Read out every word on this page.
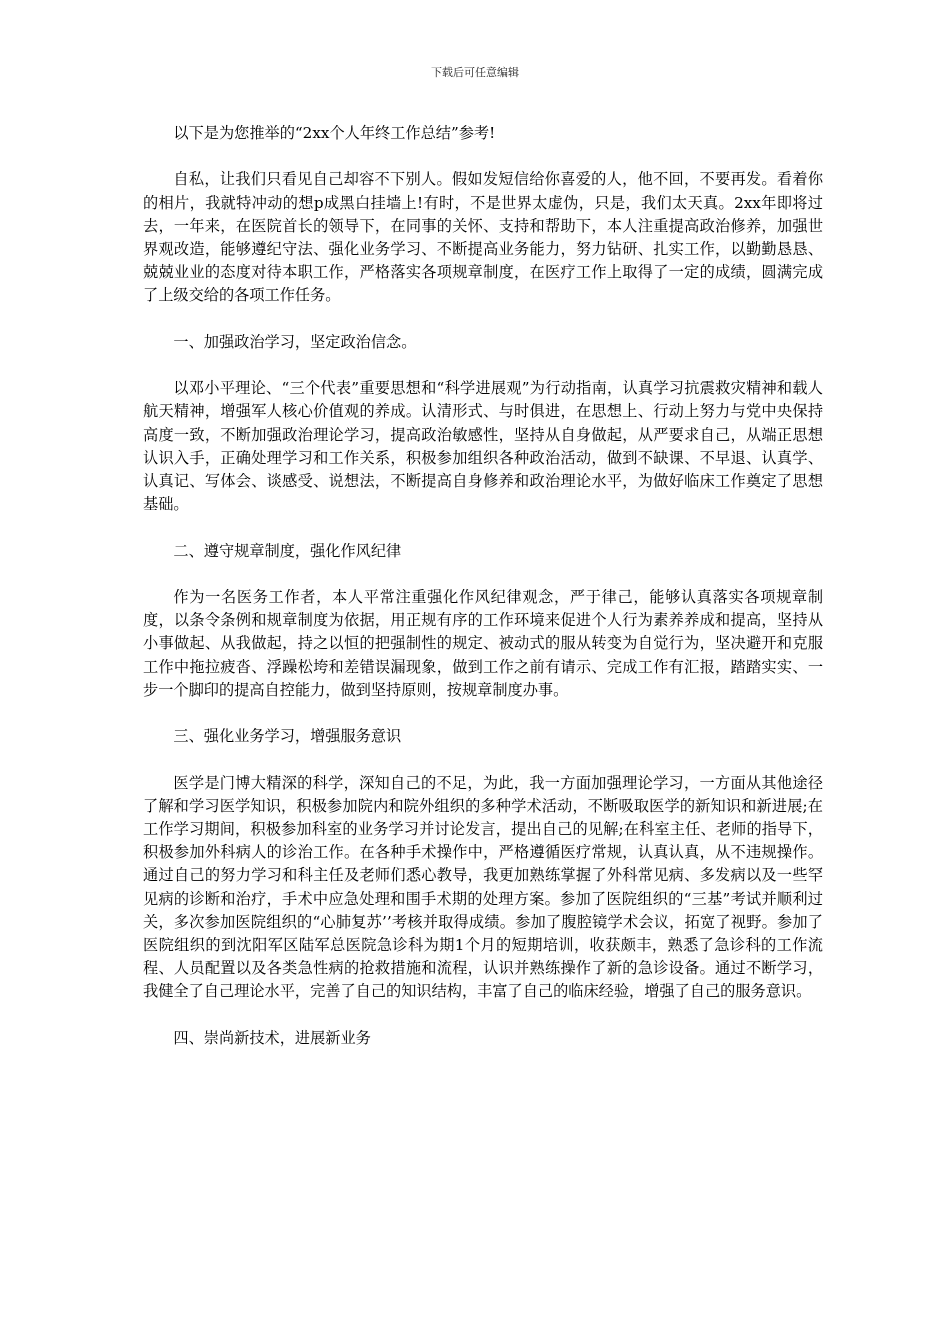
下载后可任意编辑

以下是为您推举的“2xx个人年终工作总结”参考!

自私，让我们只看见自己却容不下别人。假如发短信给你喜爱的人，他不回，不要再发。看着你的相片，我就特冲动的想p成黑白挂墙上!有时，不是世界太虚伪，只是，我们太天真。2xx年即将过去，一年来，在医院首长的领导下，在同事的关怀、支持和帮助下，本人注重提高政治修养，加强世界观改造，能够遵纪守法、强化业务学习、不断提高业务能力，努力钻研、扎实工作，以勤勤恳恳、兢兢业业的态度对待本职工作，严格落实各项规章制度，在医疗工作上取得了一定的成绩，圆满完成了上级交给的各项工作任务。

一、加强政治学习，坚定政治信念。

以邓小平理论、“三个代表”重要思想和“科学进展观”为行动指南，认真学习抗震救灾精神和载人航天精神，增强军人核心价值观的养成。认清形式、与时俱进，在思想上、行动上努力与党中央保持高度一致，不断加强政治理论学习，提高政治敏感性，坚持从自身做起，从严要求自己，从端正思想认识入手，正确处理学习和工作关系，积极参加组织各种政治活动，做到不缺课、不早退、认真学、认真记、写体会、谈感受、说想法，不断提高自身修养和政治理论水平，为做好临床工作奠定了思想基础。

二、遵守规章制度，强化作风纪律

作为一名医务工作者，本人平常注重强化作风纪律观念，严于律己，能够认真落实各项规章制度，以条令条例和规章制度为依据，用正规有序的工作环境来促进个人行为素养养成和提高，坚持从小事做起、从我做起，持之以恒的把强制性的规定、被动式的服从转变为自觉行为，坚决避开和克服工作中拖拉疲沓、浮躁松垮和差错误漏现象，做到工作之前有请示、完成工作有汇报，踏踏实实、一步一个脚印的提高自控能力，做到坚持原则，按规章制度办事。

三、强化业务学习，增强服务意识

医学是门博大精深的科学，深知自己的不足，为此，我一方面加强理论学习，一方面从其他途径了解和学习医学知识，积极参加院内和院外组织的多种学术活动，不断吸取医学的新知识和新进展;在工作学习期间，积极参加科室的业务学习并讨论发言，提出自己的见解;在科室主任、老师的指导下，积极参加外科病人的诊治工作。在各种手术操作中，严格遵循医疗常规，认真认真，从不违规操作。通过自己的努力学习和科主任及老师们悉心教导，我更加熟练掌握了外科常见病、多发病以及一些罕见病的诊断和治疗，手术中应急处理和围手术期的处理方案。参加了医院组织的“三基”考试并顺利过关，多次参加医院组织的“心肺复苏’’考核并取得成绩。参加了腹腔镜学术会议，拓宽了视野。参加了医院组织的到沈阳军区陆军总医院急诊科为期1个月的短期培训，收获颇丰，熟悉了急诊科的工作流程、人员配置以及各类急性病的抢救措施和流程，认识并熟练操作了新的急诊设备。通过不断学习，我健全了自己理论水平，完善了自己的知识结构，丰富了自己的临床经验，增强了自己的服务意识。

四、崇尚新技术，进展新业务
